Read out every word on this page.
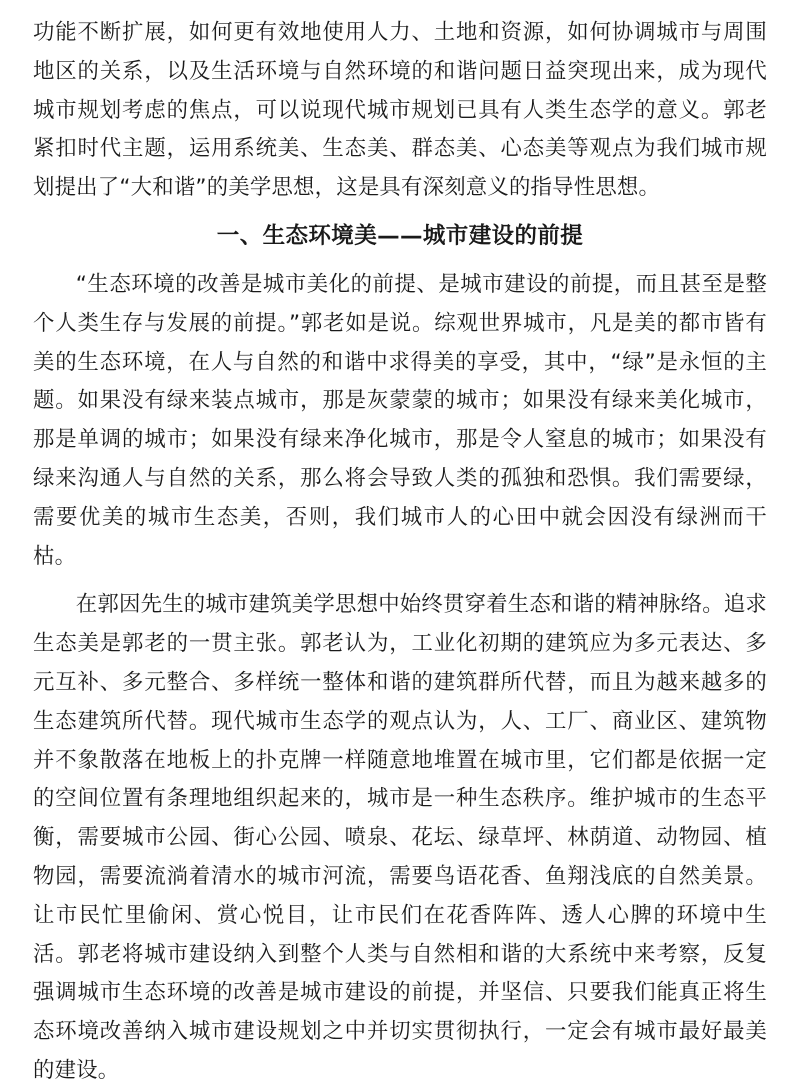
功能不断扩展，如何更有效地使用人力、土地和资源，如何协调城市与周围地区的关系，以及生活环境与自然环境的和谐问题日益突现出来，成为现代城市规划考虑的焦点，可以说现代城市规划已具有人类生态学的意义。郭老紧扣时代主题，运用系统美、生态美、群态美、心态美等观点为我们城市规划提出了“大和谐”的美学思想，这是具有深刻意义的指导性思想。

一、生态环境美——城市建设的前提

“生态环境的改善是城市美化的前提、是城市建设的前提，而且甚至是整个人类生存与发展的前提。”郭老如是说。综观世界城市，凡是美的都市皆有美的生态环境，在人与自然的和谐中求得美的享受，其中，“绿”是永恒的主题。如果没有绿来装点城市，那是灰蒙蒙的城市；如果没有绿来美化城市，那是单调的城市；如果没有绿来净化城市，那是令人窒息的城市；如果没有绿来沟通人与自然的关系，那么将会导致人类的孤独和恐惧。我们需要绿，需要优美的城市生态美，否则，我们城市人的心田中就会因没有绿洲而干枯。

在郭因先生的城市建筑美学思想中始终贯穿着生态和谐的精神脉络。追求生态美是郭老的一贯主张。郭老认为，工业化初期的建筑应为多元表达、多元互补、多元整合、多样统一整体和谐的建筑群所代替，而且为越来越多的生态建筑所代替。现代城市生态学的观点认为，人、工厂、商业区、建筑物并不象散落在地板上的扑克牌一样随意地堆置在城市里，它们都是依据一定的空间位置有条理地组织起来的，城市是一种生态秩序。维护城市的生态平衡，需要城市公园、街心公园、喷泉、花坛、绿草坪、林荫道、动物园、植物园，需要流淌着清水的城市河流，需要鸟语花香、鱼翔浅底的自然美景。让市民忙里偷闲、赏心悦目，让市民们在花香阵阵、透人心脾的环境中生活。郭老将城市建设纳入到整个人类与自然相和谐的大系统中来考察，反复强调城市生态环境的改善是城市建设的前提，并坚信、只要我们能真正将生态环境改善纳入城市建设规划之中并切实贯彻执行，一定会有城市最好最美的建设。
